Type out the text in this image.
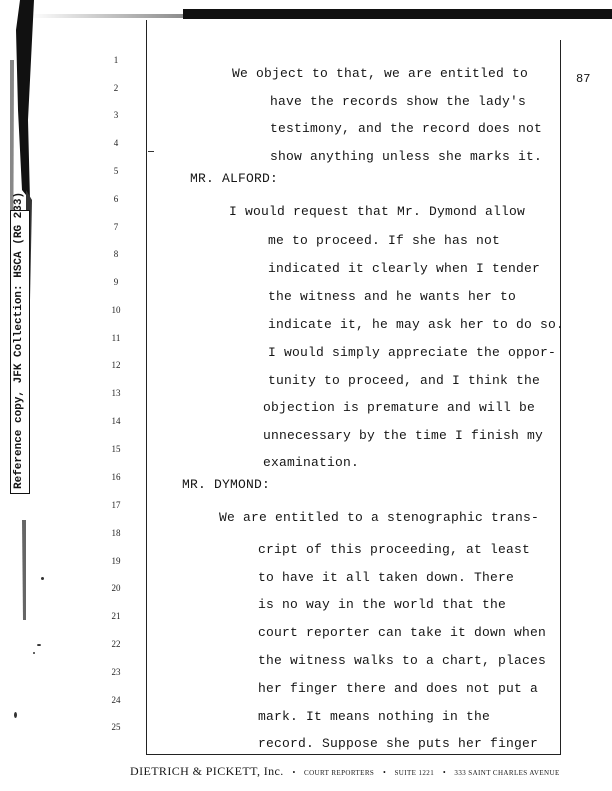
87
Reference copy, JFK Collection: HSCA (RG 233)
1
2
3
4
5
6
7
8
9
10
11
12
13
14
15
16
17
18
19
20
21
22
23
24
25
We object to that, we are entitled to
have the records show the lady's
testimony, and the record does not
show anything unless she marks it.
MR. ALFORD:
I would request that Mr. Dymond allow
me to proceed. If she has not
indicated it clearly when I tender
the witness and he wants her to
indicate it, he may ask her to do so.
I would simply appreciate the oppor-
tunity to proceed, and I think the
objection is premature and will be
unnecessary by the time I finish my
examination.
MR. DYMOND:
We are entitled to a stenographic trans-
cript of this proceeding, at least
to have it all taken down. There
is no way in the world that the
court reporter can take it down when
the witness walks to a chart, places
her finger there and does not put a
mark. It means nothing in the
record. Suppose she puts her finger
DIETRICH & PICKETT, Inc. • COURT REPORTERS • SUITE 1221 • 333 SAINT CHARLES AVENUE
